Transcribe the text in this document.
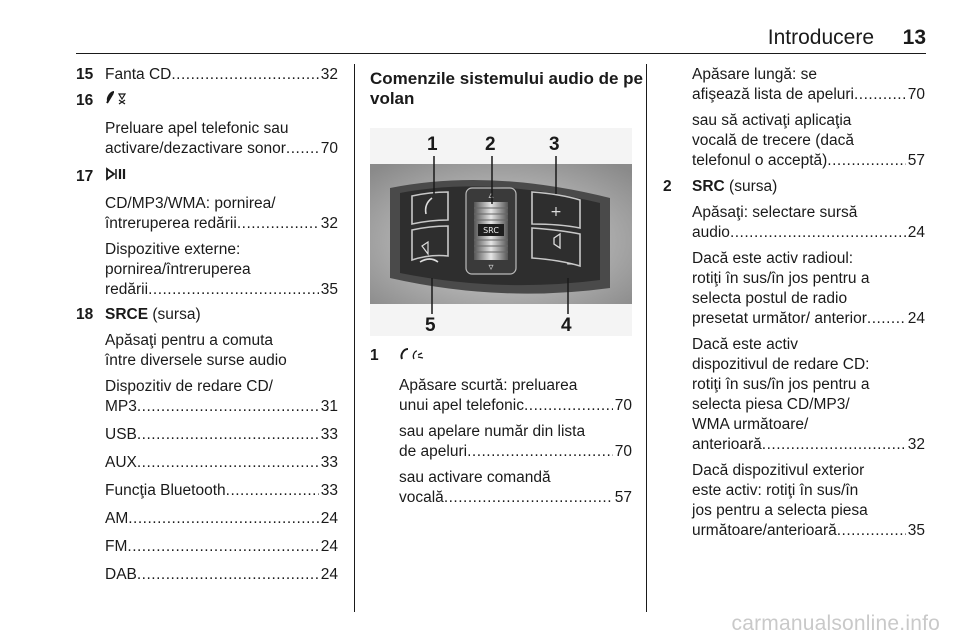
Introducere 13
15 Fanta CD .....	32
16
Preluare apel telefonic sau
activare/dezactivare sonor ..... 70
17
CD/MP3/WMA: pornirea/
întreruperea redării .....	32
Dispozitive externe:
pornirea/întreruperea
redării .....	35
18 SRCE (sursa)
Apăsaţi pentru a comuta
între diversele surse audio
Dispozitiv de redare CD/
MP3 .....	31
USB .....	33
AUX .....	33
Funcţia Bluetooth .....	33
AM .....	24
FM .....	24
DAB .....	24
Comenzile sistemului audio de pe
volan
SRC
▵
▿
+
–
1 2	3
4
5
1
Apăsare scurtă: preluarea
unui apel telefonic .....	70
sau apelare număr din lista
de apeluri .....	70
sau activare comandă
vocală .....	57
Apăsare lungă: se
afişează lista de apeluri .....	70
sau să activaţi aplicaţia
vocală de trecere (dacă
telefonul o acceptă) .....	57
2 SRC (sursa)
Apăsaţi: selectare sursă
audio .....	24
Dacă este activ radioul:
rotiţi în sus/în jos pentru a
selecta postul de radio
presetat următor/ anterior .....	24
Dacă este activ
dispozitivul de redare CD:
rotiţi în sus/în jos pentru a
selecta piesa CD/MP3/
WMA următoare/
anterioară .....	32
Dacă dispozitivul exterior
este activ: rotiţi în sus/în
jos pentru a selecta piesa
următoare/anterioară .....	35
carmanualsonline.info
